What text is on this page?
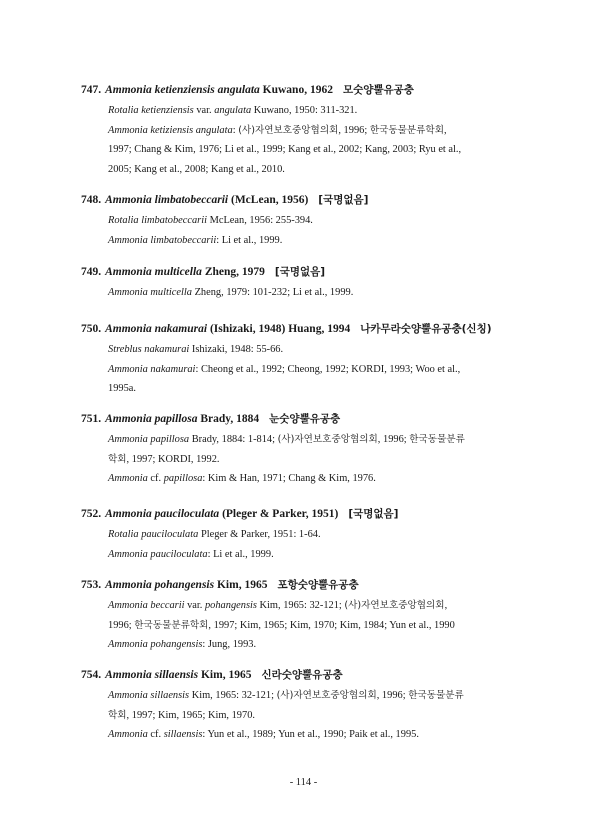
747. Ammonia ketienziensis angulata Kuwano, 1962 모숫양뿔유공충
Rotalia ketienziensis var. angulata Kuwano, 1950: 311-321.
Ammonia ketiziensis angulata: (사)자연보호중앙협의회, 1996; 한국동물분류학회,
1997; Chang & Kim, 1976; Li et al., 1999; Kang et al., 2002; Kang, 2003; Ryu et al.,
2005; Kang et al., 2008; Kang et al., 2010.
748. Ammonia limbatobeccarii (McLean, 1956) [국명없음]
Rotalia limbatobeccarii McLean, 1956: 255-394.
Ammonia limbatobeccarii: Li et al., 1999.
749. Ammonia multicella Zheng, 1979 [국명없음]
Ammonia multicella Zheng, 1979: 101-232; Li et al., 1999.
750. Ammonia nakamurai (Ishizaki, 1948) Huang, 1994 나카무라숫양뿔유공충(신칭)
Streblus nakamurai Ishizaki, 1948: 55-66.
Ammonia nakamurai: Cheong et al., 1992; Cheong, 1992; KORDI, 1993; Woo et al.,
1995a.
751. Ammonia papillosa Brady, 1884 눈숫양뿔유공충
Ammonia papillosa Brady, 1884: 1-814; (사)자연보호중앙협의회, 1996; 한국동물분류
학회, 1997; KORDI, 1992.
Ammonia cf. papillosa: Kim & Han, 1971; Chang & Kim, 1976.
752. Ammonia pauciloculata (Pleger & Parker, 1951) [국명없음]
Rotalia pauciloculata Pleger & Parker, 1951: 1-64.
Ammonia pauciloculata: Li et al., 1999.
753. Ammonia pohangensis Kim, 1965 포항숫양뿔유공충
Ammonia beccarii var. pohangensis Kim, 1965: 32-121; (사)자연보호중앙협의회,
1996; 한국동물분류학회, 1997; Kim, 1965; Kim, 1970; Kim, 1984; Yun et al., 1990
Ammonia pohangensis: Jung, 1993.
754. Ammonia sillaensis Kim, 1965 신라숫양뿔유공충
Ammonia sillaensis Kim, 1965: 32-121; (사)자연보호중앙협의회, 1996; 한국동물분류
학회, 1997; Kim, 1965; Kim, 1970.
Ammonia cf. sillaensis: Yun et al., 1989; Yun et al., 1990; Paik et al., 1995.
- 114 -
